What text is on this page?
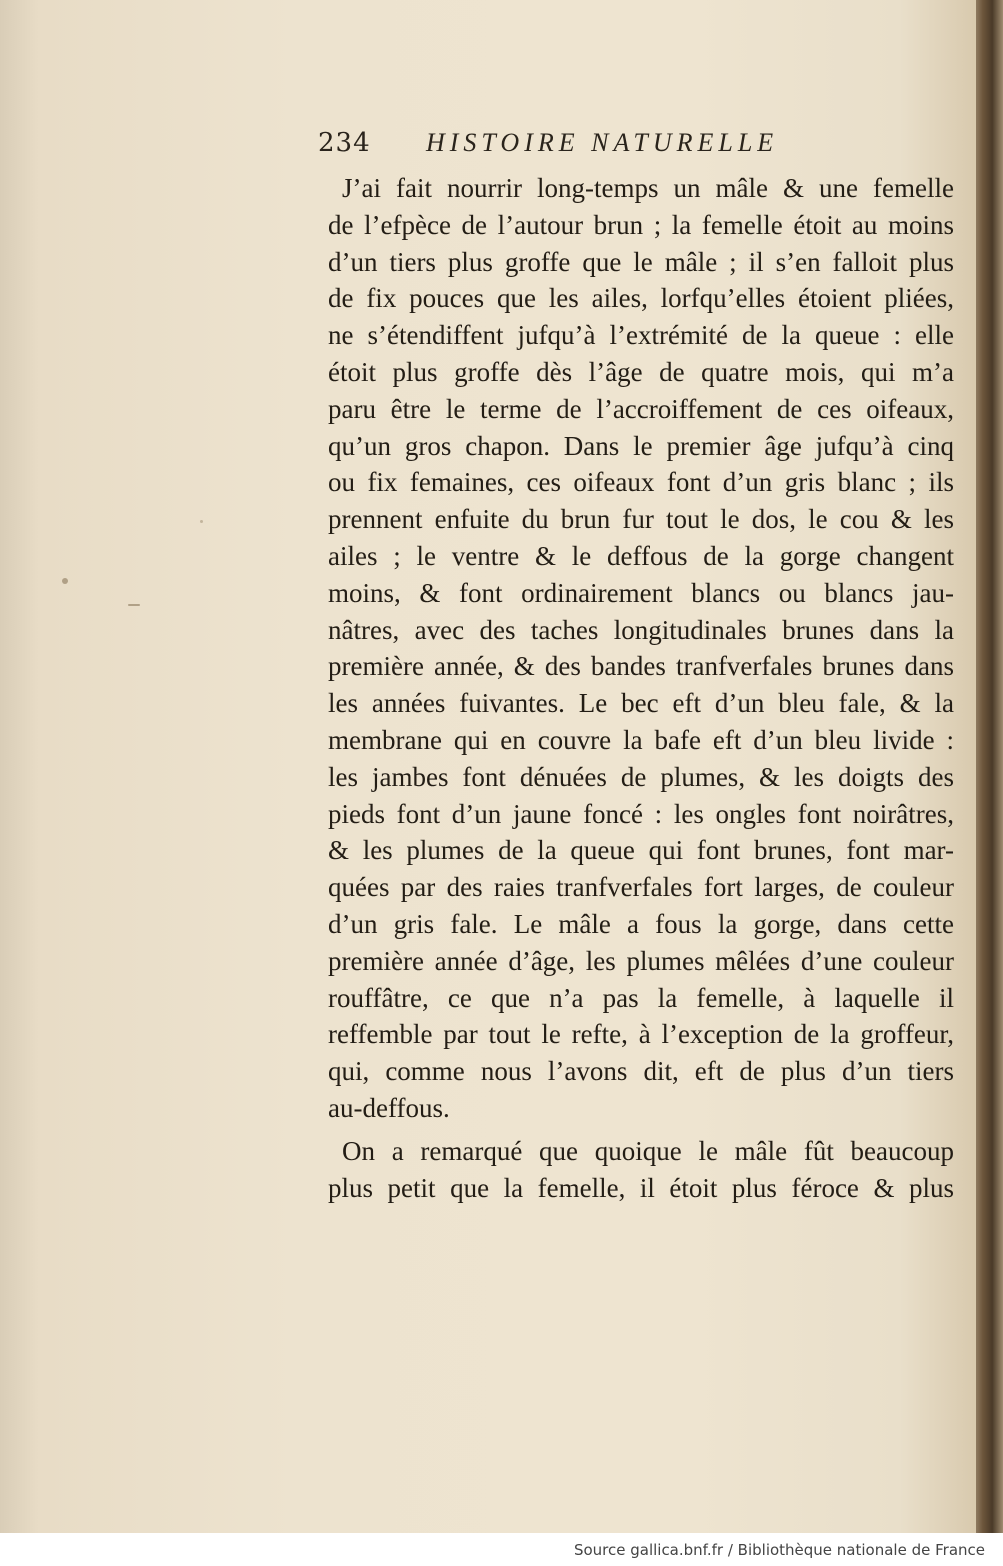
234 HISTOIRE NATURELLE
J’ai fait nourrir long-temps un mâle & une femelle
de l’efpèce de l’autour brun ; la femelle étoit au moins
d’un tiers plus groffe que le mâle ; il s’en falloit plus
de fix pouces que les ailes, lorfqu’elles étoient pliées,
ne s’étendiffent jufqu’à l’extrémité de la queue : elle
étoit plus groffe dès l’âge de quatre mois, qui m’a
paru être le terme de l’accroiffement de ces oifeaux,
qu’un gros chapon. Dans le premier âge jufqu’à cinq
ou fix femaines, ces oifeaux font d’un gris blanc ; ils
prennent enfuite du brun fur tout le dos, le cou & les
ailes ; le ventre & le deffous de la gorge changent
moins, & font ordinairement blancs ou blancs jau-
nâtres, avec des taches longitudinales brunes dans la
première année, & des bandes tranfverfales brunes dans
les années fuivantes. Le bec eft d’un bleu fale, & la
membrane qui en couvre la bafe eft d’un bleu livide :
les jambes font dénuées de plumes, & les doigts des
pieds font d’un jaune foncé : les ongles font noirâtres,
& les plumes de la queue qui font brunes, font mar-
quées par des raies tranfverfales fort larges, de couleur
d’un gris fale. Le mâle a fous la gorge, dans cette
première année d’âge, les plumes mêlées d’une couleur
rouffâtre, ce que n’a pas la femelle, à laquelle il
reffemble par tout le refte, à l’exception de la groffeur,
qui, comme nous l’avons dit, eft de plus d’un tiers
au-deffous.
On a remarqué que quoique le mâle fût beaucoup
plus petit que la femelle, il étoit plus féroce & plus
Source gallica.bnf.fr / Bibliothèque nationale de France
